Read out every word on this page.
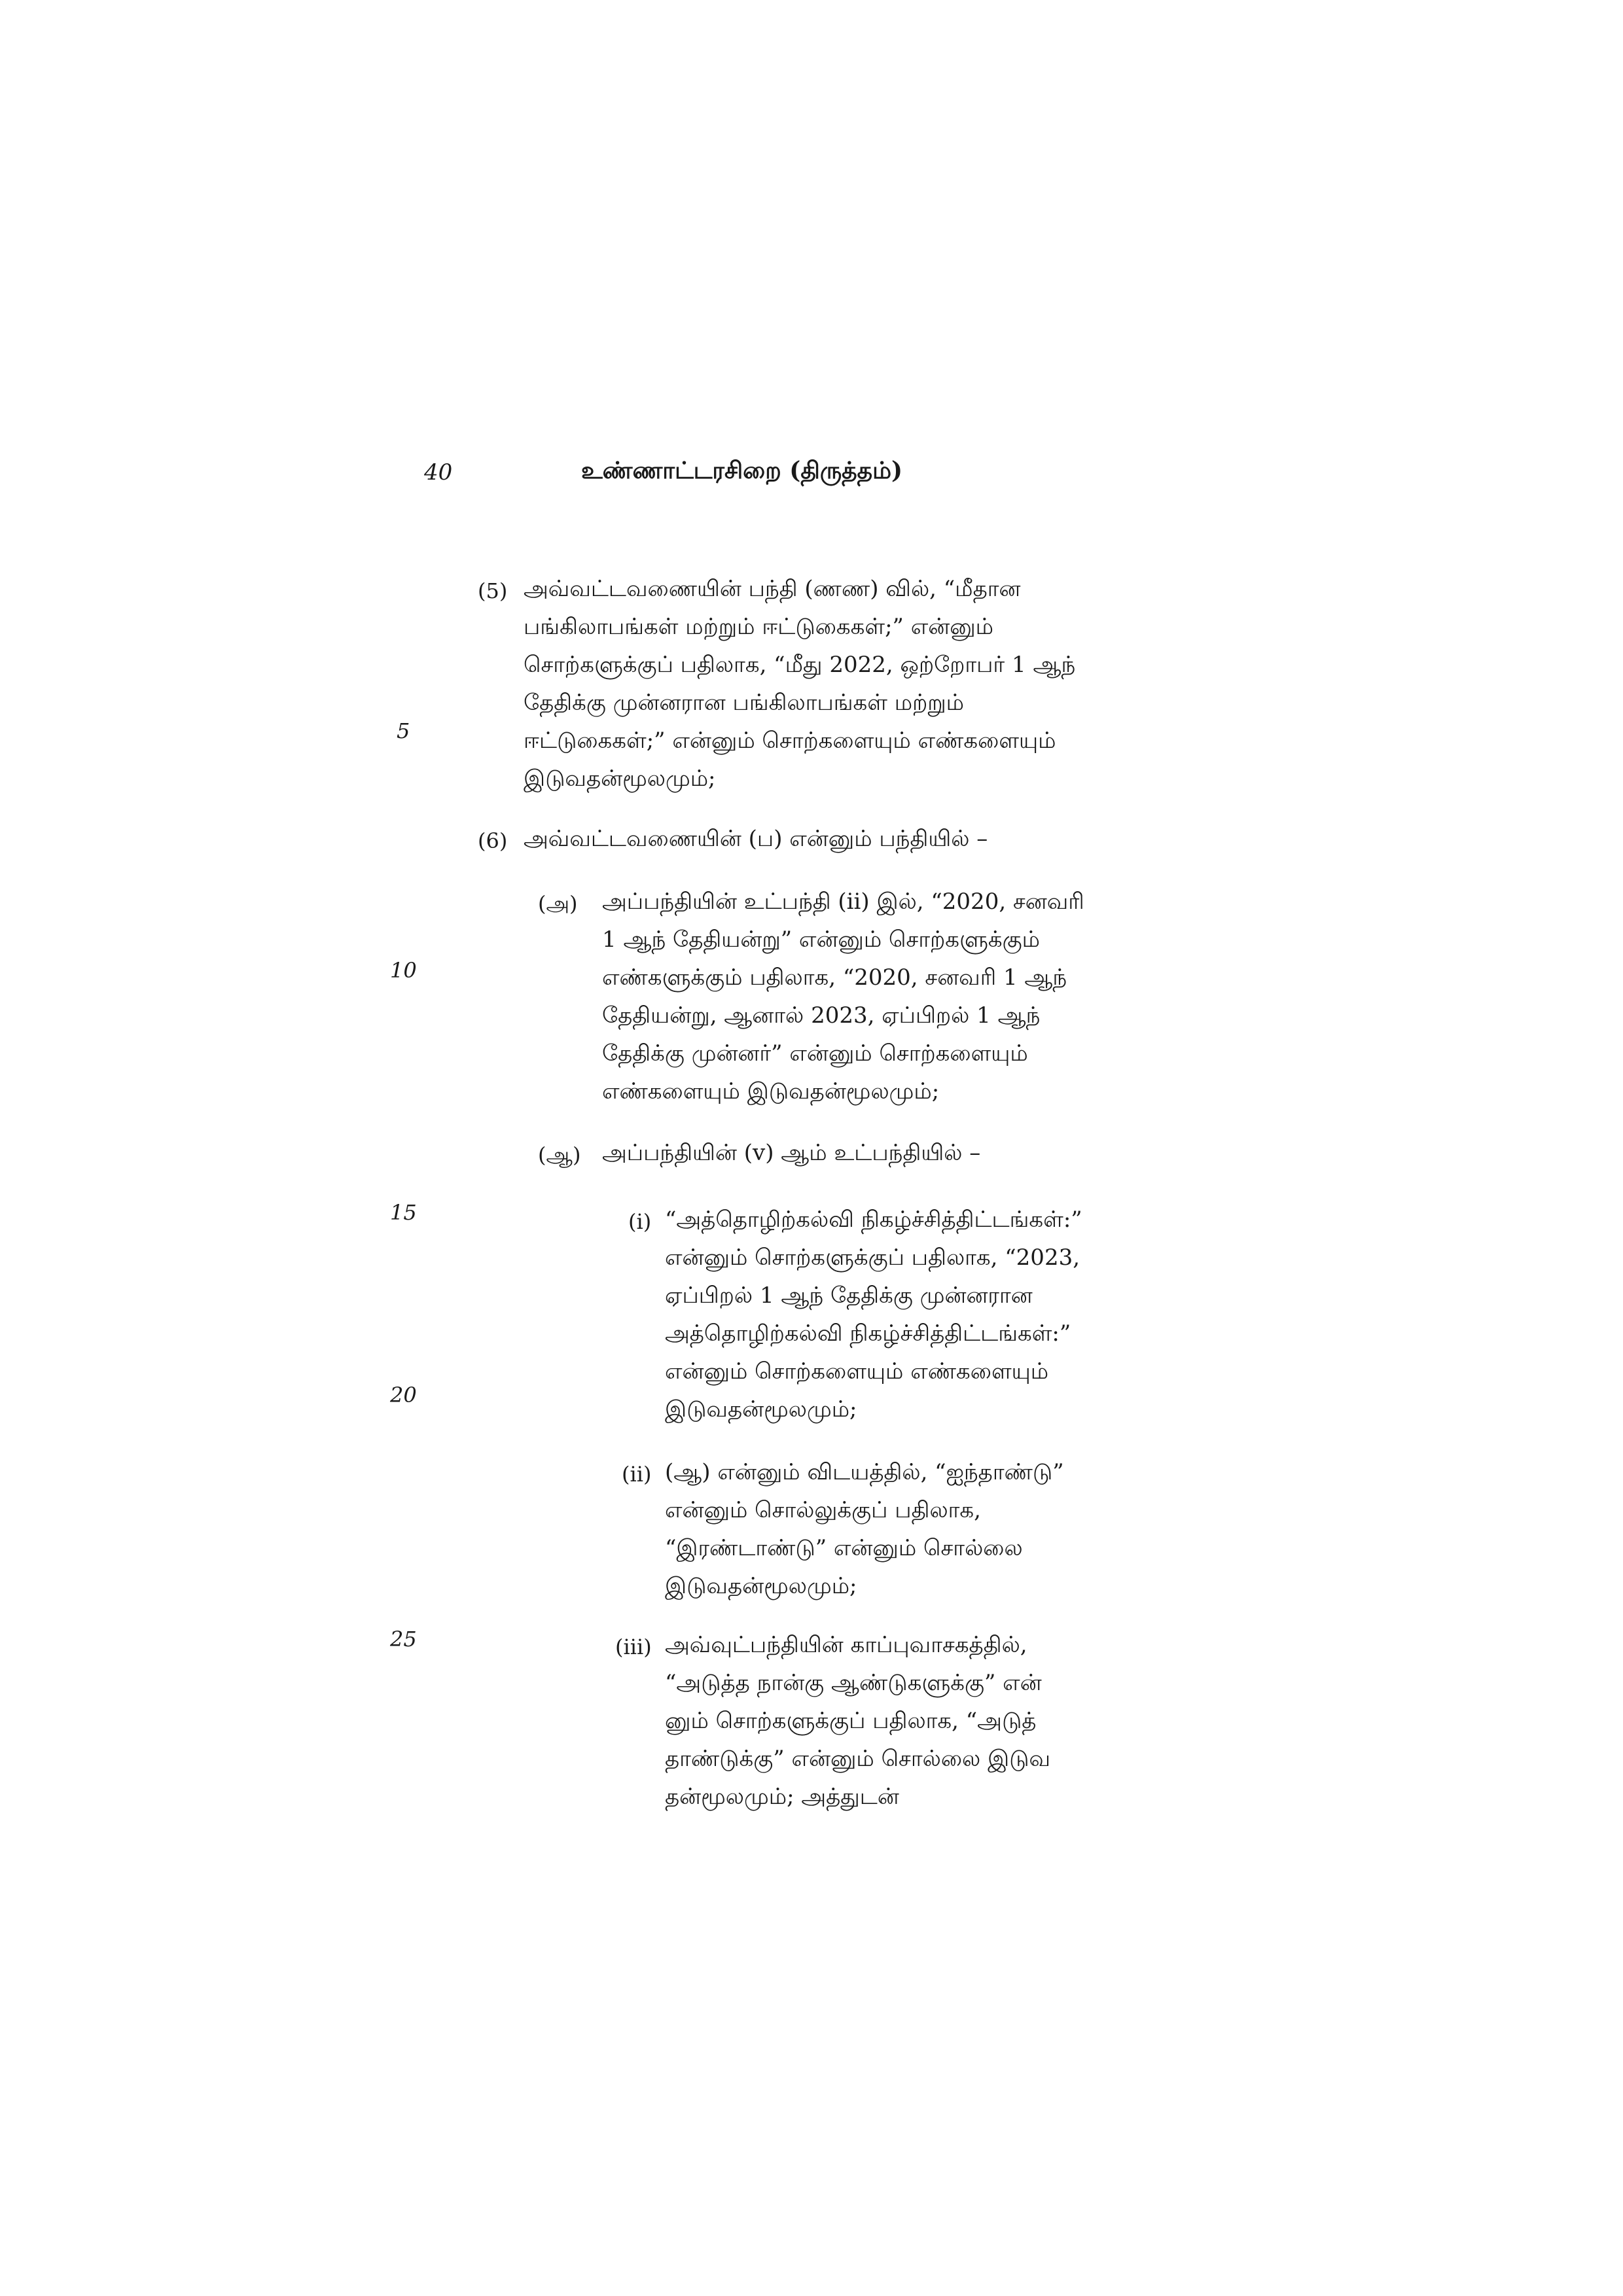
40	உண்ணாட்டரசிறை (திருத்தம்)
5
10
15
20
25
(5) அவ்வட்டவணையின் பந்தி (ணண) வில், “மீதான
பங்கிலாபங்கள் மற்றும் ஈட்டுகைகள்;” என்னும்
சொற்களுக்குப் பதிலாக, “மீது 2022, ஒற்றோபர் 1 ஆந்
தேதிக்கு முன்னரான பங்கிலாபங்கள் மற்றும்
ஈட்டுகைகள்;” என்னும் சொற்களையும் எண்களையும்
இடுவதன்மூலமும்;
(6) அவ்வட்டவணையின் (ப) என்னும் பந்தியில் –
(அ) அப்பந்தியின் உட்பந்தி (ii) இல், “2020, சனவரி
1 ஆந் தேதியன்று” என்னும் சொற்களுக்கும்
எண்களுக்கும் பதிலாக, “2020, சனவரி 1 ஆந்
தேதியன்று, ஆனால் 2023, ஏப்பிறல் 1 ஆந்
தேதிக்கு முன்னர்” என்னும் சொற்களையும்
எண்களையும் இடுவதன்மூலமும்;
(ஆ) அப்பந்தியின் (v) ஆம் உட்பந்தியில் –
(i) “அத்தொழிற்கல்வி நிகழ்ச்சித்திட்டங்கள்:”
என்னும் சொற்களுக்குப் பதிலாக, “2023,
ஏப்பிறல் 1 ஆந் தேதிக்கு முன்னரான
அத்தொழிற்கல்வி நிகழ்ச்சித்திட்டங்கள்:”
என்னும் சொற்களையும் எண்களையும்
இடுவதன்மூலமும்;
(ii) (ஆ) என்னும் விடயத்தில், “ஐந்தாண்டு”
என்னும் சொல்லுக்குப் பதிலாக,
“இரண்டாண்டு” என்னும் சொல்லை
இடுவதன்மூலமும்;
(iii) அவ்வுட்பந்தியின் காப்புவாசகத்தில்,
“அடுத்த நான்கு ஆண்டுகளுக்கு” என்
னும் சொற்களுக்குப் பதிலாக, “அடுத்
தாண்டுக்கு” என்னும் சொல்லை இடுவ
தன்மூலமும்; அத்துடன்
